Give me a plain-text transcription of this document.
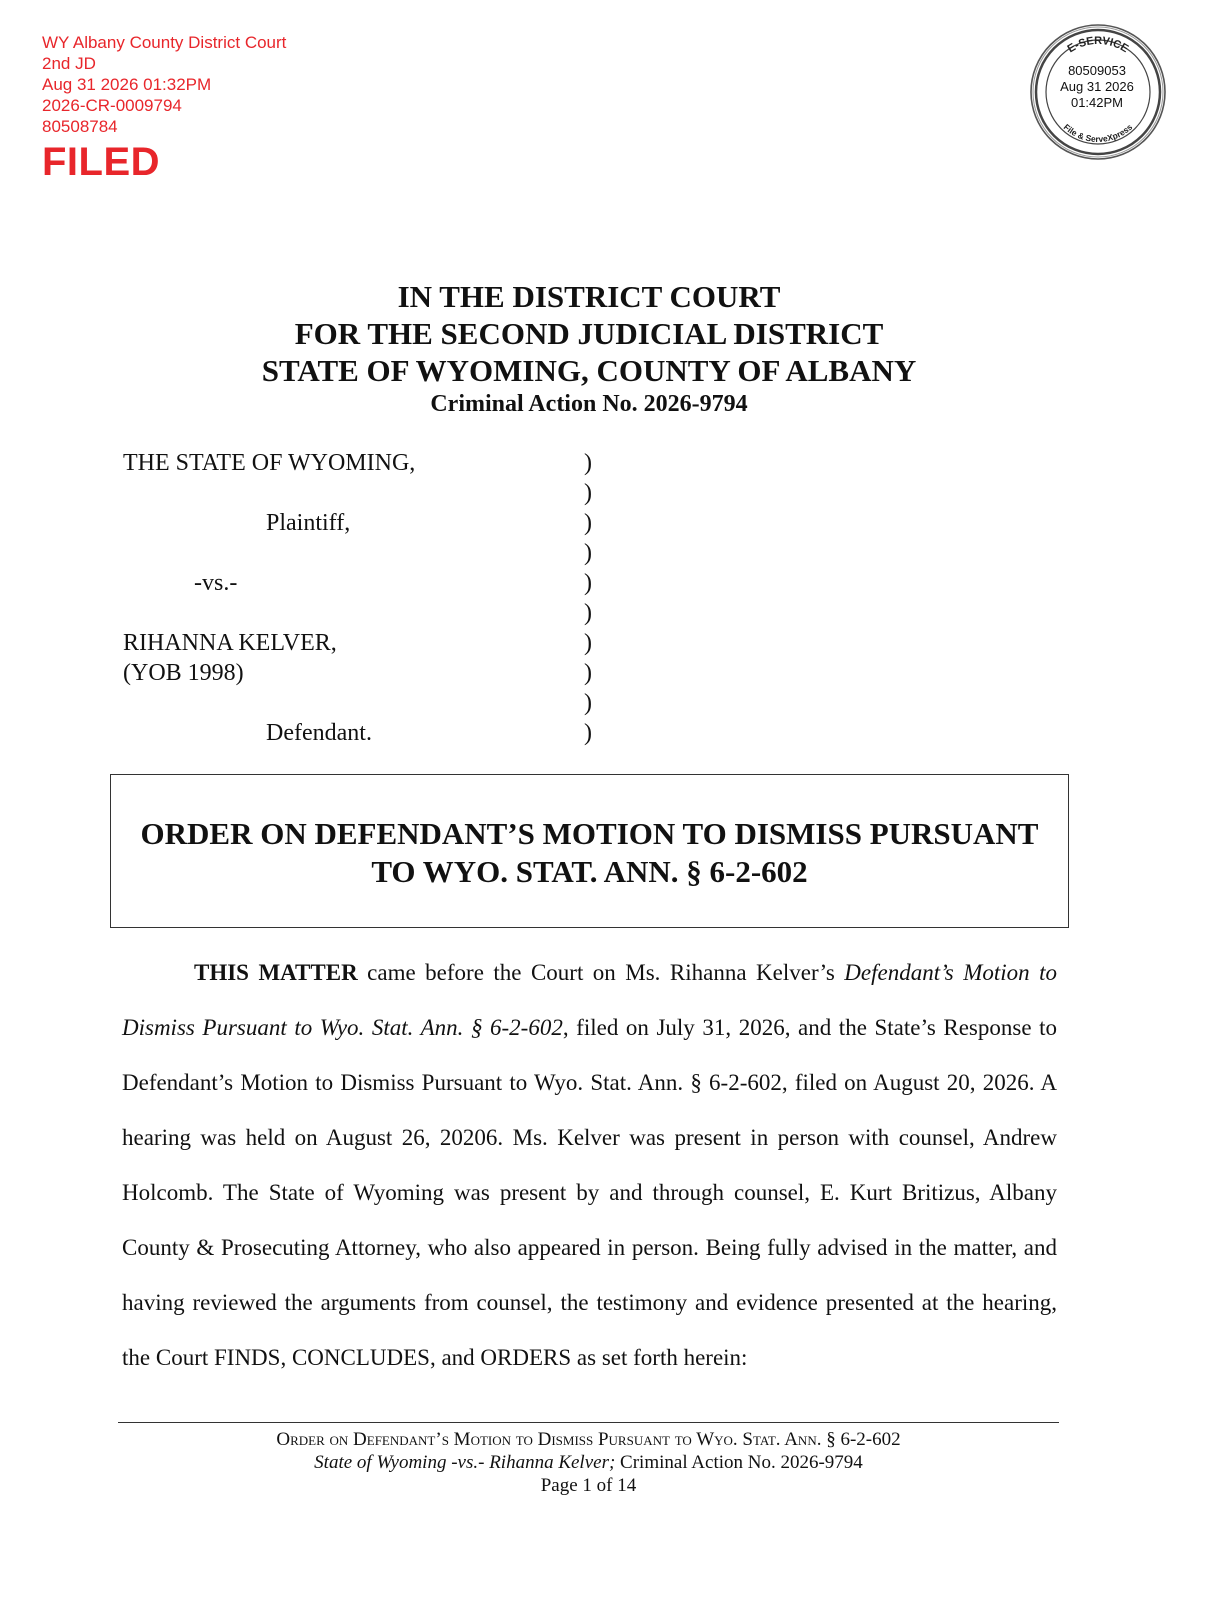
WY Albany County District Court
2nd JD
Aug 31 2026 01:32PM
2026-CR-0009794
80508784
FILED
E-SERVICE
File & ServeXpress
80509053
Aug 31 2026
01:42PM
IN THE DISTRICT COURT
FOR THE SECOND JUDICIAL DISTRICT
STATE OF WYOMING, COUNTY OF ALBANY
Criminal Action No. 2026-9794
THE STATE OF WYOMING,	)
)
Plaintiff,	)
)
-vs.-	)
)
RIHANNA KELVER,	)
(YOB 1998)	)
)
Defendant.	)
ORDER ON DEFENDANT’S MOTION TO DISMISS PURSUANT
TO WYO. STAT. ANN. § 6-2-602
THIS MATTER came before the Court on Ms. Rihanna Kelver’s Defendant’s Motion to Dismiss Pursuant to Wyo. Stat. Ann. § 6-2-602, filed on July 31, 2026, and the State’s Response to Defendant’s Motion to Dismiss Pursuant to Wyo. Stat. Ann. § 6-2-602, filed on August 20, 2026. A hearing was held on August 26, 20206. Ms. Kelver was present in person with counsel, Andrew Holcomb. The State of Wyoming was present by and through counsel, E. Kurt Britizus, Albany County & Prosecuting Attorney, who also appeared in person. Being fully advised in the matter, and having reviewed the arguments from counsel, the testimony and evidence presented at the hearing, the Court FINDS, CONCLUDES, and ORDERS as set forth herein:
Order on Defendant’s Motion to Dismiss Pursuant to Wyo. Stat. Ann. § 6-2-602
State of Wyoming -vs.- Rihanna Kelver; Criminal Action No. 2026-9794
Page 1 of 14
